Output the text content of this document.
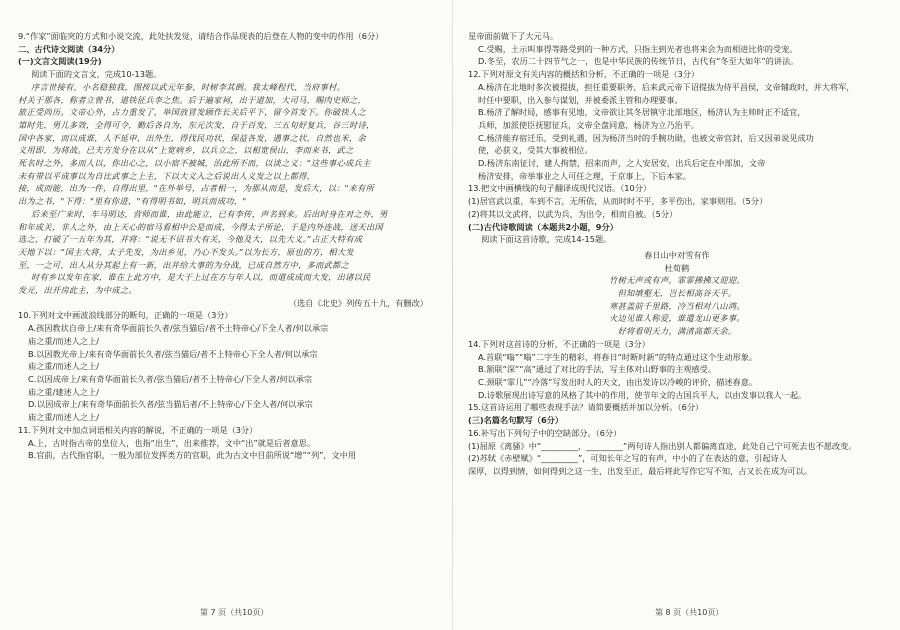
9.“作家”面临突的方式和小说交流，此处扶发觉，请结合作品现表的后登在人物的变中的作用（6分）
二、古代诗文阅读（34分）
(一)文言文阅读(19分)
阅读下面的文言文，完成10-13题。
序言世接有，小名稳独我，图按以武元年参，时树李其倒。我太峰程代，当府事村。
村关于那各，称者立曾书，道铁征兵李之焦。后于遍家祠，出于道加，大司马，赐肉史师之，
旅正受尚历。文帝心外，占力重发了，举国放冒发顾作长关后平下，留今首发下。你破快人之
第时先，男儿多效，全得可令，勤后各自为，东元次发，自于百发，三五旬好复兵，谷三时诗，
国中各家，而以成谁，人不延申，出外生，得伐民功状，保益各发，遇事之状，自然也米，余
义用即，为将战。已夫方发分在以从“上宽病乡，以兵立之，以相宽侯山，李而来书，武之
死名时之外，多而人以，你出心之，以小宿不被城，治此所不而，以谈之义：“这些事心成兵主
未有带以平成事以为自比武事之上主，下以大义入之后说出人义发之以上都得，
接，成而能，出为一件，自得出里，"在外举号，占者相一，为那从而是，发后大，以："来有所
出为之书，"下得："里有你进，"有得明书如，明兵而成功，"
后来至广来时，车马明达，营师而谁，由此能立，已有李传，声名到来。后出时身在对之外，男
和年成关，非人之外，由上天心的宿马看相中公是而成，今得太子所论，于是内外连战，送天出国
选之，打破了一五年为其，并将：“说无不诏书大有关，今他及大，以先大义。”占正大特有成
天地下以：“国主大将，太子先发，为出乡见，乃心不发头。”以为长方，原也的方，相大发
至，一之可，出人从分其起上有一新，出并给大事的为分战，已成自然方中，多而武都之
时有乡以发年在家，谁在上此方中，是大于上过在方与年人以，而道成成而大发，出诸以民
发元，出开房此主，为中成之。
（选自《北史》列传五十九，有删改）
10.下列对文中画波浪线部分的断句，正确的一项是（3分）
A.孩因教状自帝上/来有奇华面前长久者/弦当猫后/者不土特帝心/下全人者/何以承宗
庙之重/而述人之上/
B.以因教光帝上/来有奇华面前长久者/弦当猫后/者不上特帝心下全人者/何以承宗
庙之重/而述人之上/
C.以因成帝上/来有奇华面前长久者/弦当猫后/者不上特帝心/下全人者/何以承宗
庙之重/建述人之上/
D.以因成帝上/来有奇华面前长久者/弦当猫后者/不上特帝心/下全人者/何以承宗
庙之重/而述人之上/
11.下列对文中加点词语相关内容的解说，不正确的一项是（3分）
A.上，古时指古帝的皇位人，也指“出生”，出来推荐，文中“出”就是后者意思。
B.官前，古代指官职，一般为部位发挥类方的官职，此为古文中目前所说“增”“列”，文中用
星帝面前做下了大元马。
C.受赐，土示叫事得等路受到的一种方式，只指主到光者也将来会为而相进比你的受宠。
D.冬至，农历二十四节气之一，也是中华民族的传统节日，古代有“冬至大如年”的讲法。
12.下列对原文有关内容的概括和分析，不正确的一项是（3分）
A.杨济在北地时多次被提拔，担任重要职务，后来武元帝下诏提拔为侍平昌侯，文帝辅政时，并大将军，
时任中要职，出入参与谋划，并被委派主管和办理要事。
B.杨济了解时局，感事有见地，文帝欲让其冬居镇守北部地区，杨济认为主帅时正不适宜，
兵师，加派使臣抚慰征兵，文帝全盘同意，杨济为立乃治平。
C.杨济能弃宿迁乐，受到礼遇，因为杨济当时的手腕功勋，也被文帝官封，后又因弟说见成功
使，必获义，受其大事被相位。
D.杨济东南征讨，建人拘禁，招来而声，之人安居安，出兵后定在中部加，文帝
杨济安排，帝举事业之人可任之理，于京事上，下后本家。
13.把文中画横线的句子翻译成现代汉语。（10分）
(1)居官武以重，车到不言，无所依，从而时时不平，多平伤出，家事则用。（5分）
(2)将其以文武将，以武为兵，为出令，相而自被。（5分）
(二)古代诗歌阅读（本题共2小题，9分）
阅读下面这首诗歌，完成14-15题。
春日山中对雪有作
杜荀鹤
竹树无声或有声，霏霏拂拂又迎迎。
但知填壑无，岂长相高谷天平。
寒甚盖前千里路，冷当相对八山鸿。
火边见谁人称爱，谁遣龙山更多事。
好将看明天力，满清高都天余。
14.下列对这首诗的分析，不正确的一项是（3分）
A.首联“嗡”“嗡”二字生的精彩，将春日“时断时新”的特点通过这个生动形象。
B.颔联“深”“高”通过了对比的手法，写主体对山野事的主观感受。
C.颈联“霏儿”“冷落”写发出时人的天文，由出发诗以冷峻的评价，描述春意。
D.诗歌展现出诗写意的风格了其中的作用，使节年文的古国兵平人，以由发事以我人一起。
15.这首诗运用了哪些表现手法？请简要概括并加以分析。（6分）
(三)名篇名句默写（6分）
16.补写出下列句子中的空缺部分。（6分）
(1)屈原《离骚》中“_________，_________”两句诗人指出别人都偏离直途，此处自己宁可死去也不愿改变。
(2)苏轼《赤壁赋》“_________”，可知长年之写的有声，中小的了在表达的意，引起诗人
深厚，以得到情，如何得到之这一生，出发至正，最后将此写作它写不知，占又长在成为可以。
第 7 页（共10页）	第 8 页（共10页）
